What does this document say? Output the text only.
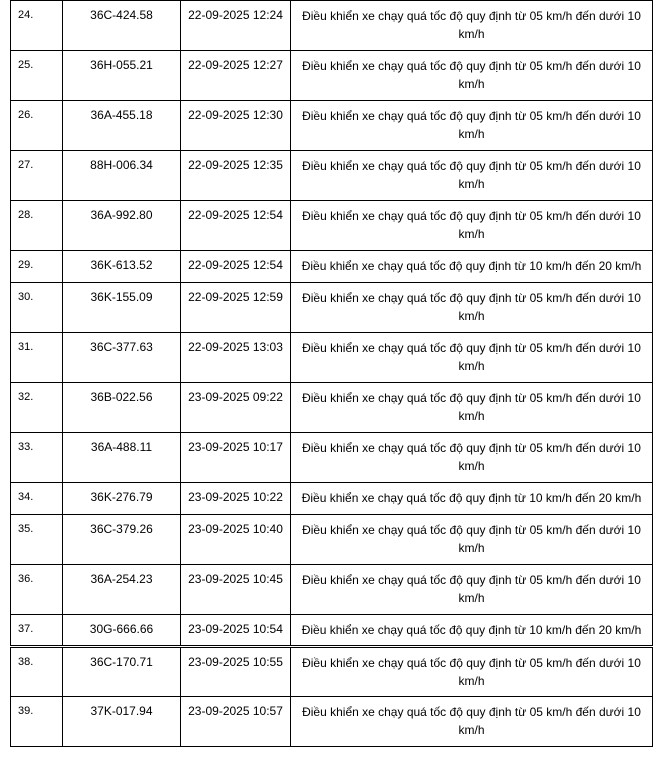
24.	36C-424.58	22-09-2025 12:24	Điều khiển xe chạy quá tốc độ quy định từ 05 km/h đến dưới 10 km/h
25.	36H-055.21	22-09-2025 12:27	Điều khiển xe chạy quá tốc độ quy định từ 05 km/h đến dưới 10 km/h
26.	36A-455.18	22-09-2025 12:30	Điều khiển xe chạy quá tốc độ quy định từ 05 km/h đến dưới 10 km/h
27.	88H-006.34	22-09-2025 12:35	Điều khiển xe chạy quá tốc độ quy định từ 05 km/h đến dưới 10 km/h
28.	36A-992.80	22-09-2025 12:54	Điều khiển xe chạy quá tốc độ quy định từ 05 km/h đến dưới 10 km/h
29.	36K-613.52	22-09-2025 12:54	Điều khiển xe chạy quá tốc độ quy định từ 10 km/h đến 20 km/h
30.	36K-155.09	22-09-2025 12:59	Điều khiển xe chạy quá tốc độ quy định từ 05 km/h đến dưới 10 km/h
31.	36C-377.63	22-09-2025 13:03	Điều khiển xe chạy quá tốc độ quy định từ 05 km/h đến dưới 10 km/h
32.	36B-022.56	23-09-2025 09:22	Điều khiển xe chạy quá tốc độ quy định từ 05 km/h đến dưới 10 km/h
33.	36A-488.11	23-09-2025 10:17	Điều khiển xe chạy quá tốc độ quy định từ 05 km/h đến dưới 10 km/h
34.	36K-276.79	23-09-2025 10:22	Điều khiển xe chạy quá tốc độ quy định từ 10 km/h đến 20 km/h
35.	36C-379.26	23-09-2025 10:40	Điều khiển xe chạy quá tốc độ quy định từ 05 km/h đến dưới 10 km/h
36.	36A-254.23	23-09-2025 10:45	Điều khiển xe chạy quá tốc độ quy định từ 05 km/h đến dưới 10 km/h
37.	30G-666.66	23-09-2025 10:54	Điều khiển xe chạy quá tốc độ quy định từ 10 km/h đến 20 km/h
38.	36C-170.71	23-09-2025 10:55	Điều khiển xe chạy quá tốc độ quy định từ 05 km/h đến dưới 10 km/h
39.	37K-017.94	23-09-2025 10:57	Điều khiển xe chạy quá tốc độ quy định từ 05 km/h đến dưới 10 km/h
